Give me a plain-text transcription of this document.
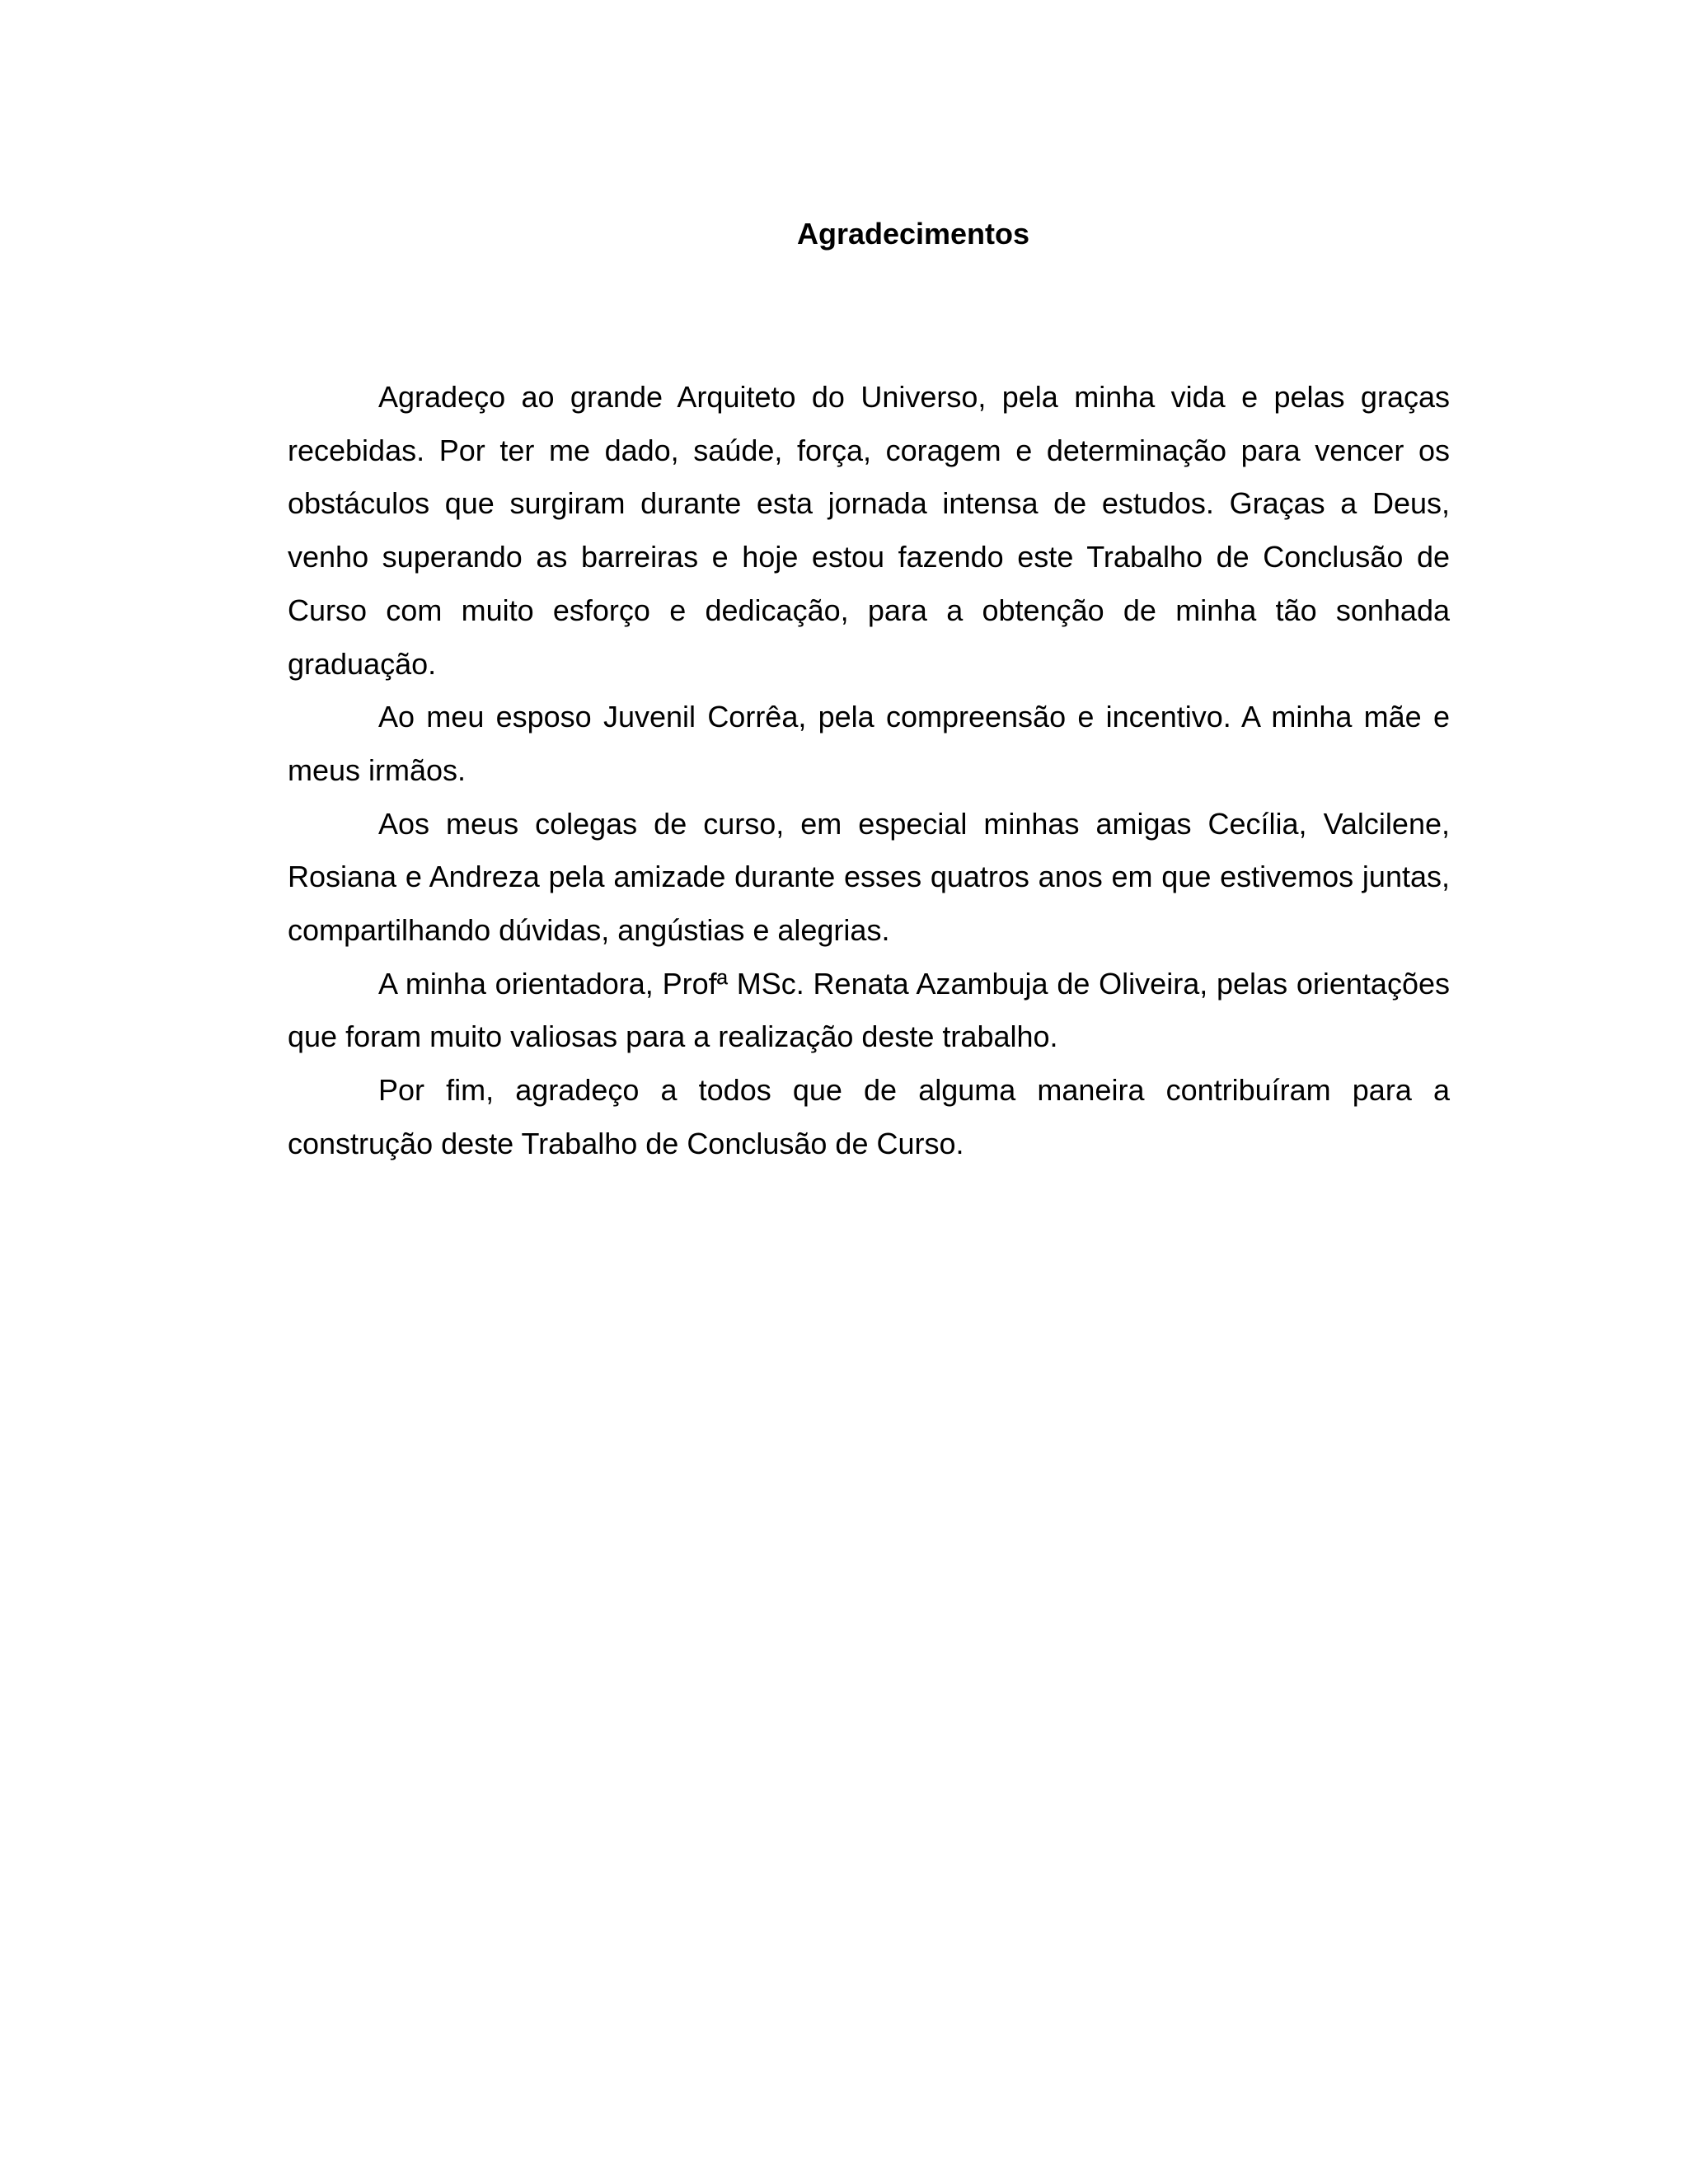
Agradecimentos

Agradeço ao grande Arquiteto do Universo, pela minha vida e pelas graças recebidas. Por ter me dado, saúde, força, coragem e determinação para vencer os obstáculos que surgiram durante esta jornada intensa de estudos. Graças a Deus, venho superando as barreiras e hoje estou fazendo este Trabalho de Conclusão de Curso com muito esforço e dedicação, para a obtenção de minha tão sonhada graduação.

Ao meu esposo Juvenil Corrêa, pela compreensão e incentivo. A minha mãe e meus irmãos.

Aos meus colegas de curso, em especial minhas amigas Cecília, Valcilene, Rosiana e Andreza pela amizade durante esses quatros anos em que estivemos juntas, compartilhando dúvidas, angústias e alegrias.

A minha orientadora, Profª MSc. Renata Azambuja de Oliveira, pelas orientações que foram muito valiosas para a realização deste trabalho.

Por fim, agradeço a todos que de alguma maneira contribuíram para a construção deste Trabalho de Conclusão de Curso.
